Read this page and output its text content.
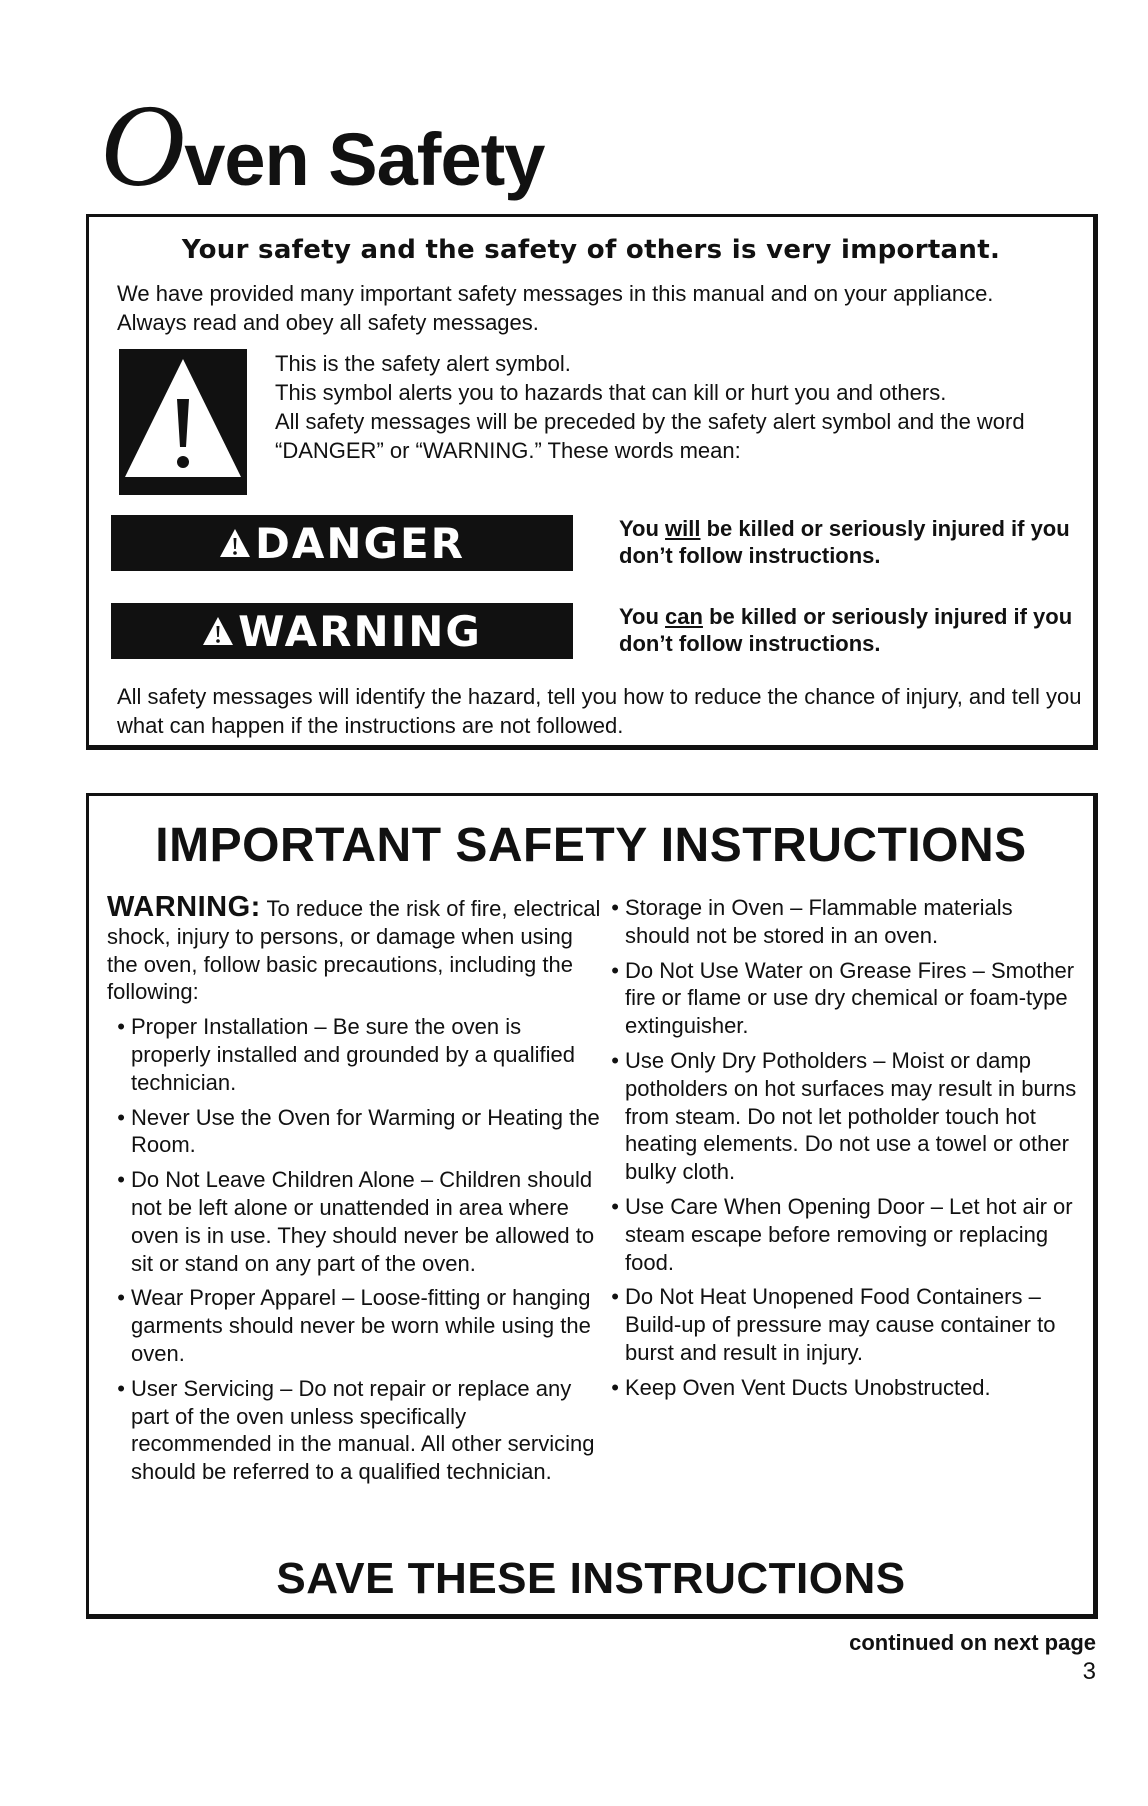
Oven Safety
Your safety and the safety of others is very important.
We have provided many important safety messages in this manual and on your appliance. Always read and obey all safety messages.
This is the safety alert symbol.
This symbol alerts you to hazards that can kill or hurt you and others.
All safety messages will be preceded by the safety alert symbol and the word “DANGER” or “WARNING.” These words mean:
DANGER	You will be killed or seriously injured if you don’t follow instructions.
WARNING	You can be killed or seriously injured if you don’t follow instructions.
All safety messages will identify the hazard, tell you how to reduce the chance of injury, and tell you what can happen if the instructions are not followed.
IMPORTANT SAFETY INSTRUCTIONS
WARNING: To reduce the risk of fire, electrical shock, injury to persons, or damage when using the oven, follow basic precautions, including the following:
• Proper Installation – Be sure the oven is properly installed and grounded by a qualified technician.
• Never Use the Oven for Warming or Heating the Room.
• Do Not Leave Children Alone – Children should not be left alone or unattended in area where oven is in use. They should never be allowed to sit or stand on any part of the oven.
• Wear Proper Apparel – Loose-fitting or hanging garments should never be worn while using the oven.
• User Servicing – Do not repair or replace any part of the oven unless specifically recommended in the manual. All other servicing should be referred to a qualified technician.
• Storage in Oven – Flammable materials should not be stored in an oven.
• Do Not Use Water on Grease Fires – Smother fire or flame or use dry chemical or foam-type extinguisher.
• Use Only Dry Potholders – Moist or damp potholders on hot surfaces may result in burns from steam. Do not let potholder touch hot heating elements. Do not use a towel or other bulky cloth.
• Use Care When Opening Door – Let hot air or steam escape before removing or replacing food.
• Do Not Heat Unopened Food Containers – Build-up of pressure may cause container to burst and result in injury.
• Keep Oven Vent Ducts Unobstructed.
SAVE THESE INSTRUCTIONS
continued on next page
3
